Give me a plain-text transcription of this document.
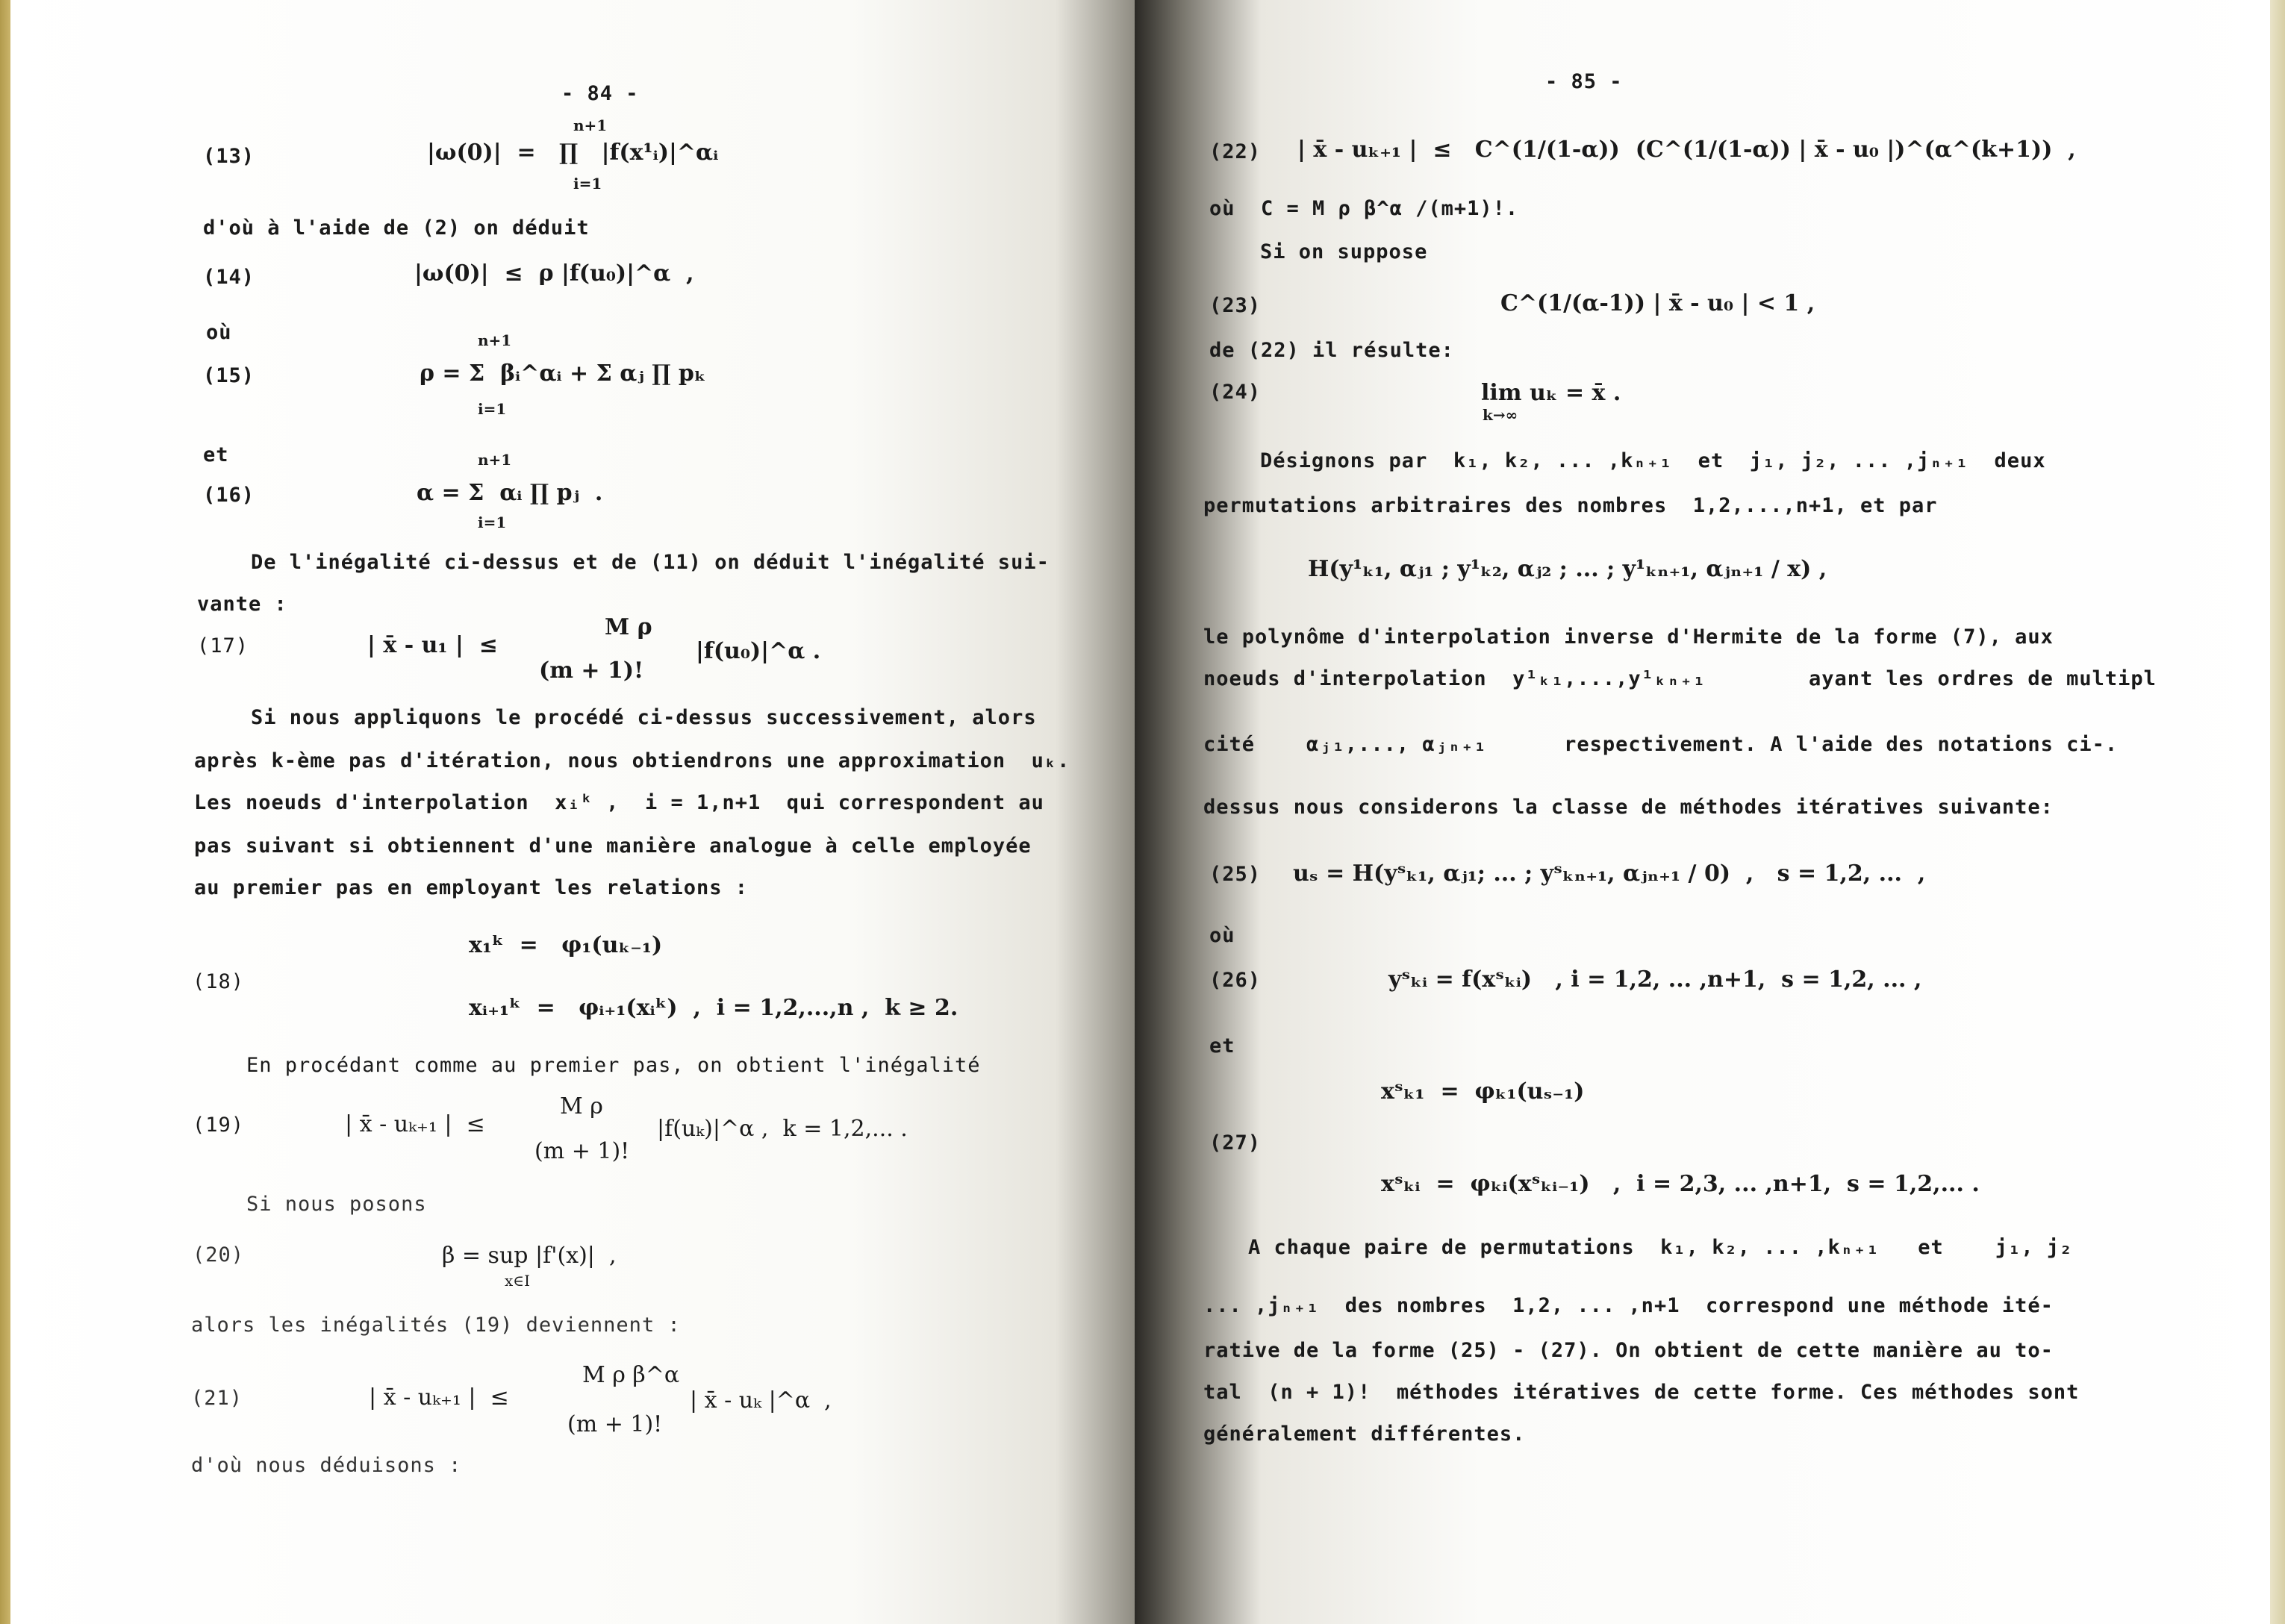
- 84 -
(13)
n+1
|ω(0)|  =   ∏   |f(x¹ᵢ)|^αᵢ
i=1
d'où à l'aide de (2) on déduit
(14)	|ω(0)|  ≤  ρ |f(u₀)|^α  ,
où
(15)
n+1
ρ = Σ  βᵢ^αᵢ + Σ αⱼ ∏ pₖ
i=1
et
(16)
n+1
α = Σ  αᵢ ∏ pⱼ  .
i=1
De l'inégalité ci-dessus et de (11) on déduit l'inégalité sui-
vante :
(17)	| x̄ - u₁ |  ≤
M ρ
(m + 1)!
|f(u₀)|^α .
Si nous appliquons le procédé ci-dessus successivement, alors
après k-ème pas d'itération, nous obtiendrons une approximation  uₖ.
Les noeuds d'interpolation  xᵢᵏ ,  i = 1,n+1  qui correspondent au
pas suivant si obtiennent d'une manière analogue à celle employée
au premier pas en employant les relations :
x₁ᵏ  =   φ₁(uₖ₋₁)
(18)
xᵢ₊₁ᵏ  =   φᵢ₊₁(xᵢᵏ)  ,  i = 1,2,...,n ,  k ≥ 2.
En procédant comme au premier pas, on obtient l'inégalité
(19)	| x̄ - uₖ₊₁ |  ≤
M ρ
(m + 1)!
|f(uₖ)|^α ,  k = 1,2,... .
Si nous posons
(20)	β = sup |f'(x)|  ,
x∈I
alors les inégalités (19) deviennent :
(21)	| x̄ - uₖ₊₁ |  ≤
M ρ β^α
(m + 1)!
| x̄ - uₖ |^α  ,
d'où nous déduisons :
- 85 -
(22) | x̄ - uₖ₊₁ |  ≤   C^(1/(1-α))  (C^(1/(1-α)) | x̄ - u₀ |)^(α^(k+1))  ,
où  C = M ρ β^α /(m+1)!.
Si on suppose
(23)	C^(1/(α-1)) | x̄ - u₀ | < 1 ,
de (22) il résulte:
(24)	lim uₖ = x̄ .
k→∞
Désignons par  k₁, k₂, ... ,kₙ₊₁  et  j₁, j₂, ... ,jₙ₊₁  deux
permutations arbitraires des nombres  1,2,...,n+1, et par
H(y¹ₖ₁, αⱼ₁ ; y¹ₖ₂, αⱼ₂ ; ... ; y¹ₖₙ₊₁, αⱼₙ₊₁ / x) ,
le polynôme d'interpolation inverse d'Hermite de la forme (7), aux
noeuds d'interpolation  y¹ₖ₁,...,y¹ₖₙ₊₁        ayant les ordres de multipl
cité    αⱼ₁,..., αⱼₙ₊₁      respectivement. A l'aide des notations ci-.
dessus nous considerons la classe de méthodes itératives suivante:
(25) uₛ = H(yˢₖ₁, αⱼ₁; ... ; yˢₖₙ₊₁, αⱼₙ₊₁ / 0)  ,   s = 1,2, ...  ,
où
(26)	yˢₖᵢ = f(xˢₖᵢ)   , i = 1,2, ... ,n+1,  s = 1,2, ... ,
et
xˢₖ₁  =  φₖ₁(uₛ₋₁)
(27)
xˢₖᵢ  =  φₖᵢ(xˢₖᵢ₋₁)   ,  i = 2,3, ... ,n+1,  s = 1,2,... .
A chaque paire de permutations  k₁, k₂, ... ,kₙ₊₁   et    j₁, j₂
... ,jₙ₊₁  des nombres  1,2, ... ,n+1  correspond une méthode ité-
rative de la forme (25) - (27). On obtient de cette manière au to-
tal  (n + 1)!  méthodes itératives de cette forme. Ces méthodes sont
généralement différentes.
